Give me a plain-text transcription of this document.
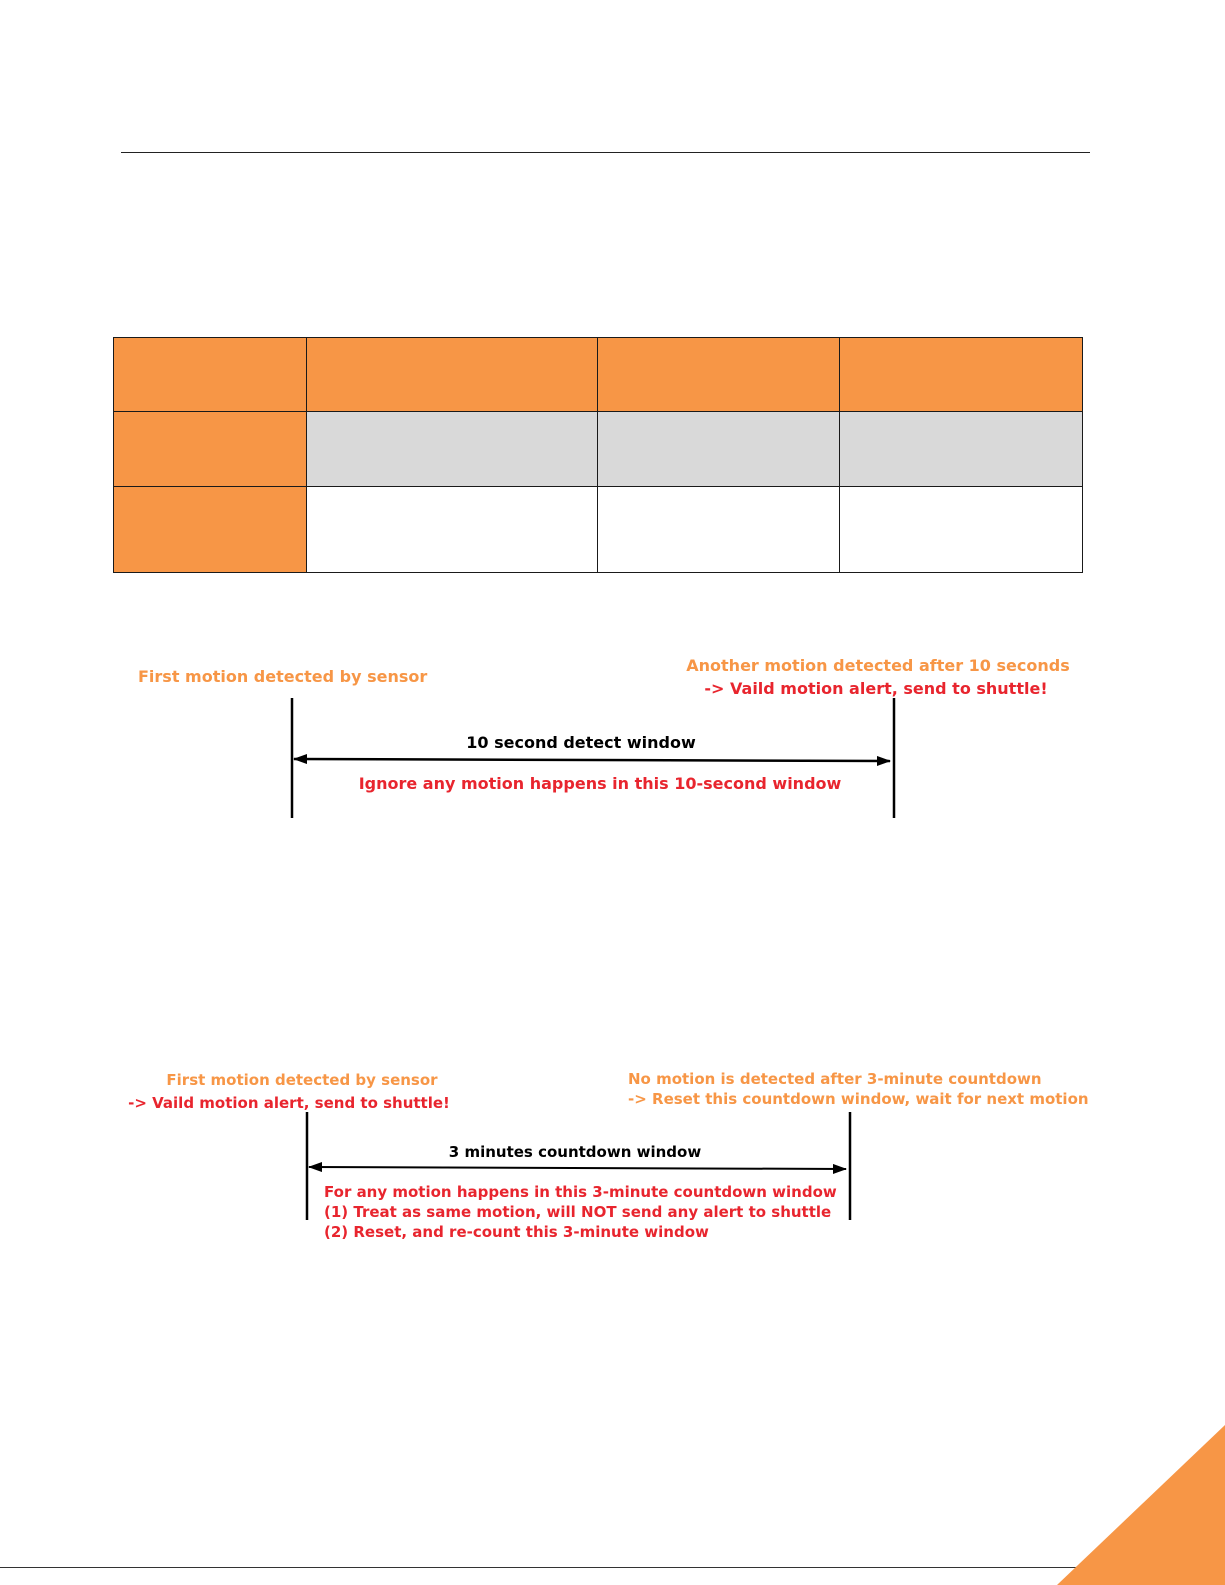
First motion detected by sensor
Another motion detected after 10 seconds
-> Vaild motion alert, send to shuttle!
10 second detect window
Ignore any motion happens in this 10-second window
First motion detected by sensor
-> Vaild motion alert, send to shuttle!
No motion is detected after 3-minute countdown
-> Reset this countdown window, wait for next motion
3 minutes countdown window
For any motion happens in this 3-minute countdown window
(1) Treat as same motion, will NOT send any alert to shuttle
(2) Reset, and re-count this 3-minute window
